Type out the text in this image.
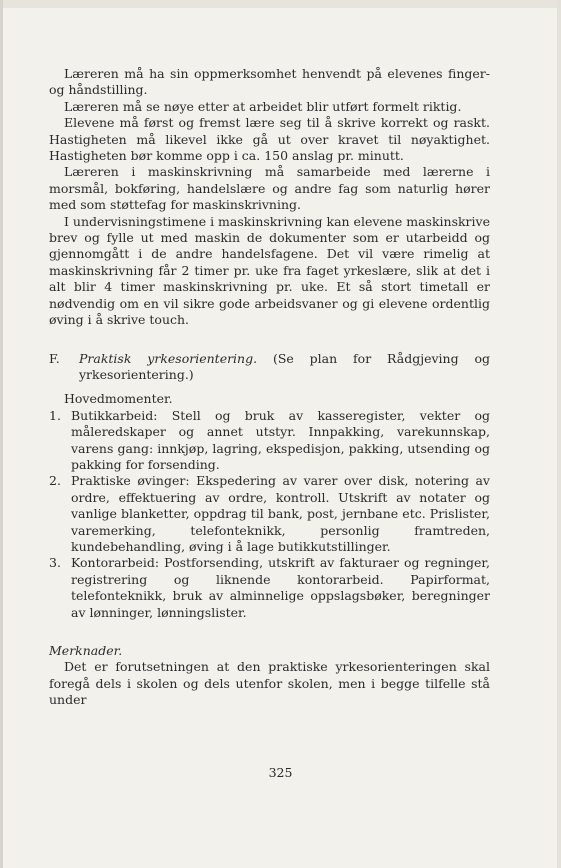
Læreren må ha sin oppmerksomhet henvendt på elevenes finger-og håndstilling.

Læreren må se nøye etter at arbeidet blir utført formelt riktig.

Elevene må først og fremst lære seg til å skrive korrekt og raskt. Hastigheten må likevel ikke gå ut over kravet til nøyaktighet. Hastigheten bør komme opp i ca. 150 anslag pr. minutt.

Læreren i maskinskrivning må samarbeide med lærerne i morsmål, bokføring, handelslære og andre fag som naturlig hører med som støttefag for maskinskrivning.

I undervisningstimene i maskinskrivning kan elevene maskinskrive brev og fylle ut med maskin de dokumenter som er utarbeidd og gjennomgått i de andre handelsfagene. Det vil være rimelig at maskinskrivning får 2 timer pr. uke fra faget yrkeslære, slik at det i alt blir 4 timer maskinskrivning pr. uke. Et så stort timetall er nødvendig om en vil sikre gode arbeidsvaner og gi elevene ordentlig øving i å skrive touch.

F. Praktisk yrkesorientering. (Se plan for Rådgjeving og yrkesorientering.)
Hovedmomenter.
1. Butikkarbeid: Stell og bruk av kasseregister, vekter og måleredskaper og annet utstyr. Innpakking, varekunnskap, varens gang: innkjøp, lagring, ekspedisjon, pakking, utsending og pakking for forsending.
2. Praktiske øvinger: Ekspedering av varer over disk, notering av ordre, effektuering av ordre, kontroll. Utskrift av notater og vanlige blanketter, oppdrag til bank, post, jernbane etc. Prislister, varemerking, telefonteknikk, personlig framtreden, kundebehandling, øving i å lage butikkutstillinger.
3. Kontorarbeid: Postforsending, utskrift av fakturaer og regninger, registrering og liknende kontorarbeid. Papirformat, telefonteknikk, bruk av alminnelige oppslagsbøker, beregninger av lønninger, lønningslister.
Merknader.

Det er forutsetningen at den praktiske yrkesorienteringen skal foregå dels i skolen og dels utenfor skolen, men i begge tilfelle stå under

325
